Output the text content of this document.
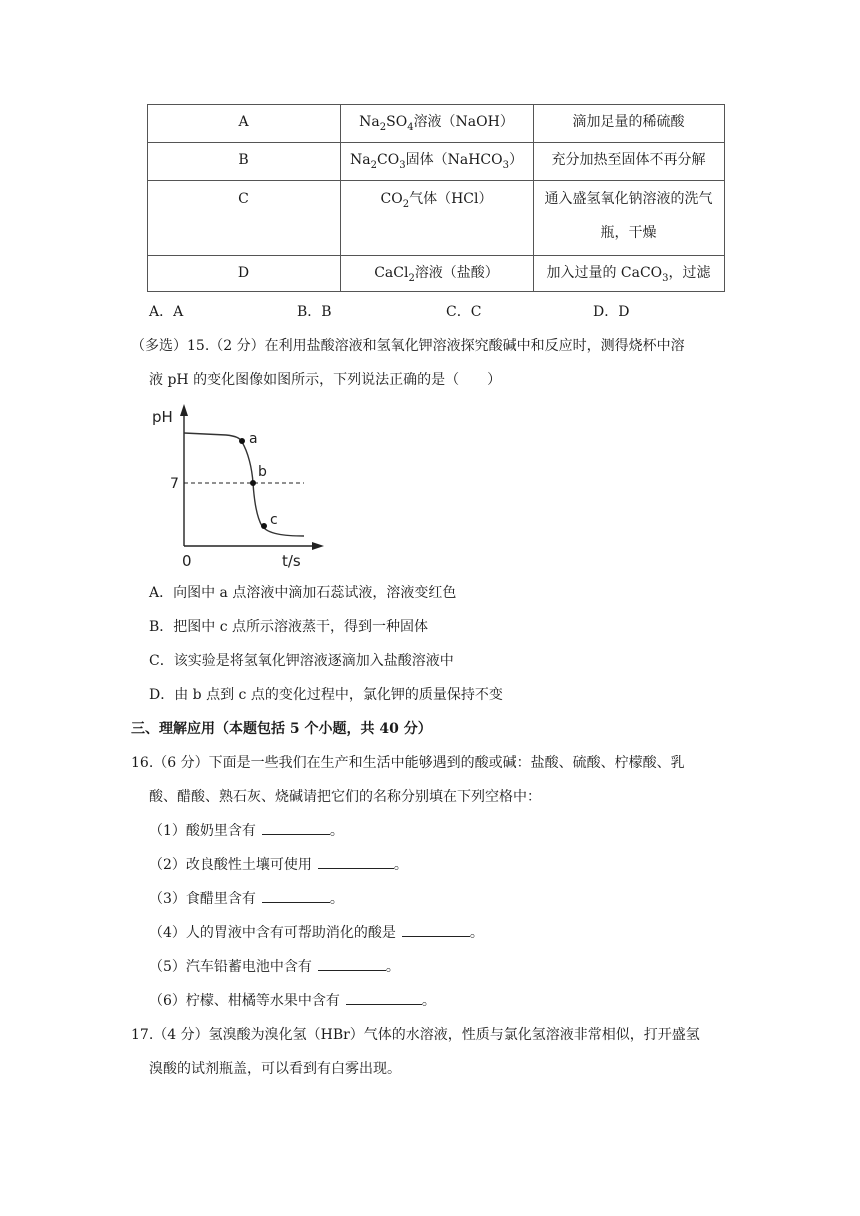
A	$Na_2SO_4$溶液（NaOH）	滴加足量的稀硫酸
B	$Na_2CO_3$固体（NaHCO$_3$）	充分加热至固体不再分解
C	$CO_2$气体（HCl）	通入盛氢氧化钠溶液的洗气
瓶，干燥
D	CaCl$_2$溶液（盐酸）	加入过量的 CaCO$_3$，过滤
A．A	B．B	C．C	D．D
（多选）15.（2 分）在利用盐酸溶液和氢氧化钾溶液探究酸碱中和反应时，测得烧杯中溶
液 pH 的变化图像如图所示，下列说法正确的是（　　）
pH
t/s
0
7
a
b
c
A．向图中 a 点溶液中滴加石蕊试液，溶液变红色
B．把图中 c 点所示溶液蒸干，得到一种固体
C．该实验是将氢氧化钾溶液逐滴加入盐酸溶液中
D．由 b 点到 c 点的变化过程中，氯化钾的质量保持不变
三、理解应用（本题包括 5 个小题，共 40 分）
16.（6 分）下面是一些我们在生产和生活中能够遇到的酸或碱：盐酸、硫酸、柠檬酸、乳
酸、醋酸、熟石灰、烧碱请把它们的名称分别填在下列空格中：
（1）酸奶里含有	。
（2）改良酸性土壤可使用	。
（3）食醋里含有	。
（4）人的胃液中含有可帮助消化的酸是	。
（5）汽车铅蓄电池中含有	。
（6）柠檬、柑橘等水果中含有	。
17.（4 分）氢溴酸为溴化氢（HBr）气体的水溶液，性质与氯化氢溶液非常相似，打开盛氢
溴酸的试剂瓶盖，可以看到有白雾出现。
